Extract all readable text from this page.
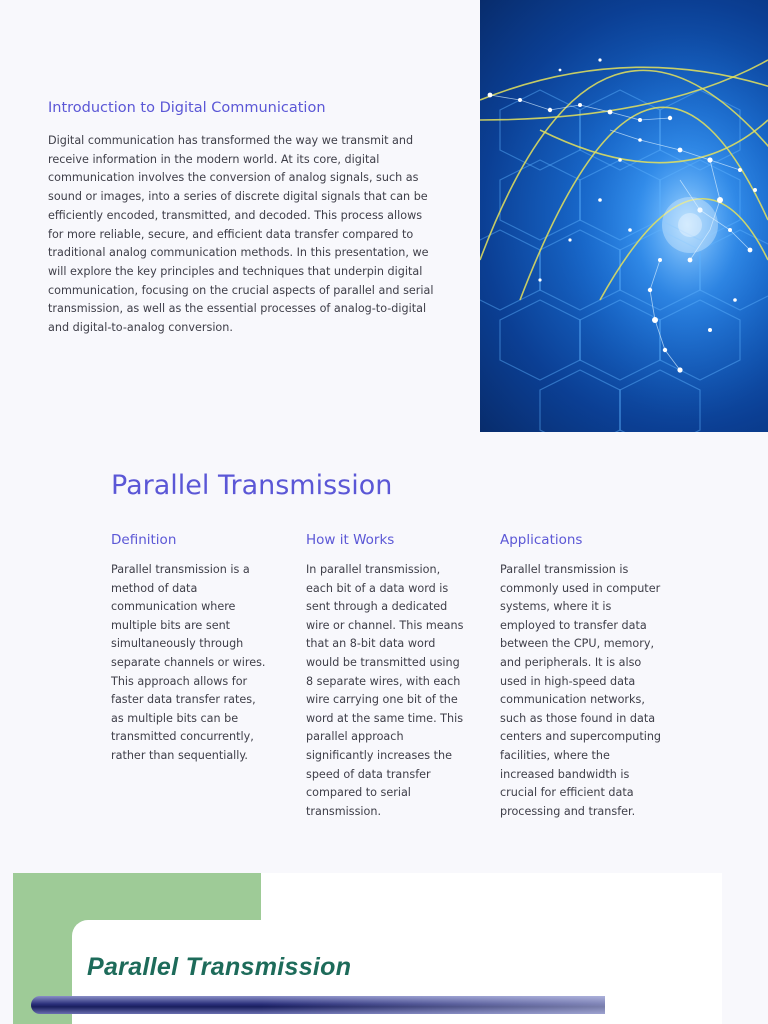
Introduction to Digital Communication

Digital communication has transformed the way we transmit and receive information in the modern world. At its core, digital communication involves the conversion of analog signals, such as sound or images, into a series of discrete digital signals that can be efficiently encoded, transmitted, and decoded. This process allows for more reliable, secure, and efficient data transfer compared to traditional analog communication methods. In this presentation, we will explore the key principles and techniques that underpin digital communication, focusing on the crucial aspects of parallel and serial transmission, as well as the essential processes of analog-to-digital and digital-to-analog conversion.

Parallel Transmission
Definition

Parallel transmission is a method of data communication where multiple bits are sent simultaneously through separate channels or wires. This approach allows for faster data transfer rates, as multiple bits can be transmitted concurrently, rather than sequentially.

How it Works

In parallel transmission, each bit of a data word is sent through a dedicated wire or channel. This means that an 8-bit data word would be transmitted using 8 separate wires, with each wire carrying one bit of the word at the same time. This parallel approach significantly increases the speed of data transfer compared to serial transmission.

Applications

Parallel transmission is commonly used in computer systems, where it is employed to transfer data between the CPU, memory, and peripherals. It is also used in high-speed data communication networks, such as those found in data centers and supercomputing facilities, where the increased bandwidth is crucial for efficient data processing and transfer.

Parallel Transmission
